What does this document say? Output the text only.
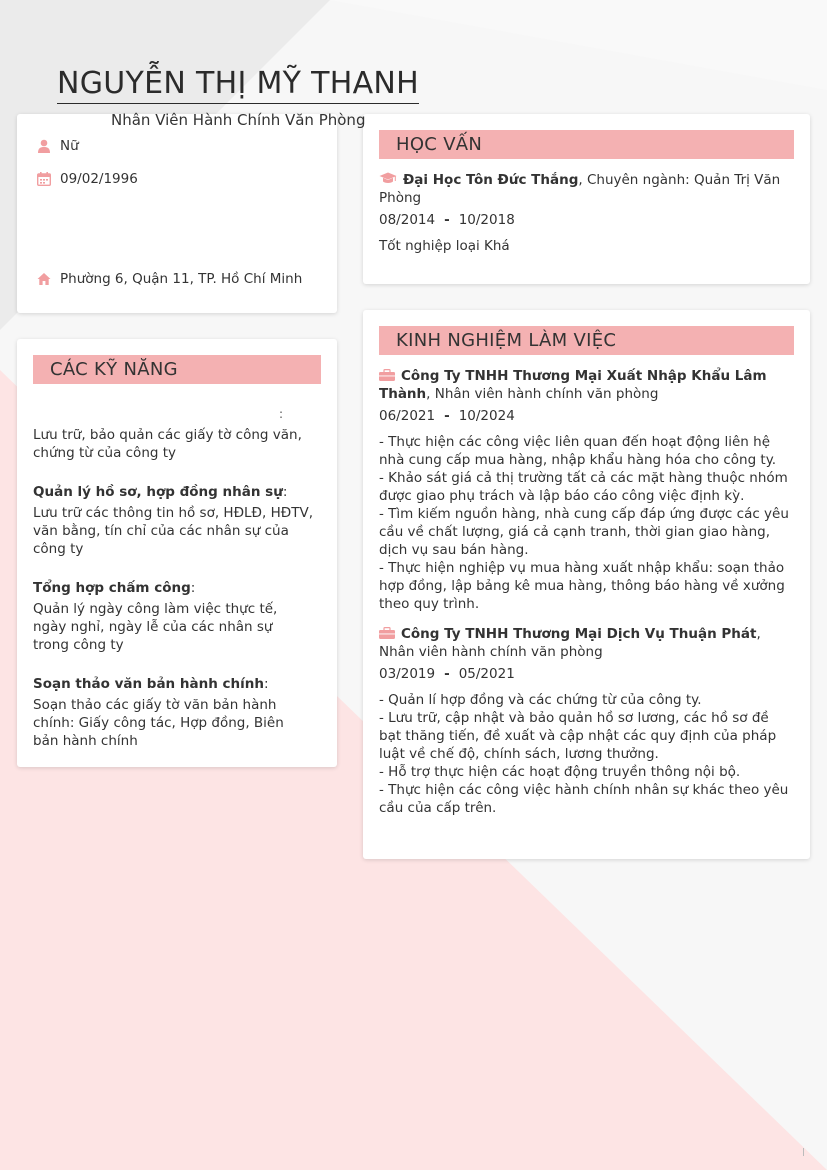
NGUYỄN THỊ MỸ THANH
Nhân Viên Hành Chính Văn Phòng
Nữ
09/02/1996
Phường 6, Quận 11, TP. Hồ Chí Minh
CÁC KỸ NĂNG
:
Lưu trữ, bảo quản các giấy tờ công văn, chứng từ của công ty
Quản lý hồ sơ, hợp đồng nhân sự:
Lưu trữ các thông tin hồ sơ, HĐLĐ, HĐTV, văn bằng, tín chỉ của các nhân sự của công ty
Tổng hợp chấm công:
Quản lý ngày công làm việc thực tế, ngày nghỉ, ngày lễ của các nhân sự trong công ty
Soạn thảo văn bản hành chính:
Soạn thảo các giấy tờ văn bản hành chính: Giấy công tác, Hợp đồng, Biên bản hành chính
HỌC VẤN
Đại Học Tôn Đức Thắng, Chuyên ngành: Quản Trị Văn Phòng
08/2014 - 10/2018
Tốt nghiệp loại Khá
KINH NGHIỆM LÀM VIỆC
Công Ty TNHH Thương Mại Xuất Nhập Khẩu Lâm Thành, Nhân viên hành chính văn phòng
06/2021 - 10/2024
- Thực hiện các công việc liên quan đến hoạt động liên hệ nhà cung cấp mua hàng, nhập khẩu hàng hóa cho công ty.
- Khảo sát giá cả thị trường tất cả các mặt hàng thuộc nhóm được giao phụ trách và lập báo cáo công việc định kỳ.
- Tìm kiếm nguồn hàng, nhà cung cấp đáp ứng được các yêu cầu về chất lượng, giá cả cạnh tranh, thời gian giao hàng, dịch vụ sau bán hàng.
- Thực hiện nghiệp vụ mua hàng xuất nhập khẩu: soạn thảo hợp đồng, lập bảng kê mua hàng, thông báo hàng về xưởng theo quy trình.
Công Ty TNHH Thương Mại Dịch Vụ Thuận Phát, Nhân viên hành chính văn phòng
03/2019 - 05/2021
- Quản lí hợp đồng và các chứng từ của công ty.
- Lưu trữ, cập nhật và bảo quản hồ sơ lương, các hồ sơ đề bạt thăng tiến, đề xuất và cập nhật các quy định của pháp luật về chế độ, chính sách, lương thưởng.
- Hỗ trợ thực hiện các hoạt động truyền thông nội bộ.
- Thực hiện các công việc hành chính nhân sự khác theo yêu cầu của cấp trên.
